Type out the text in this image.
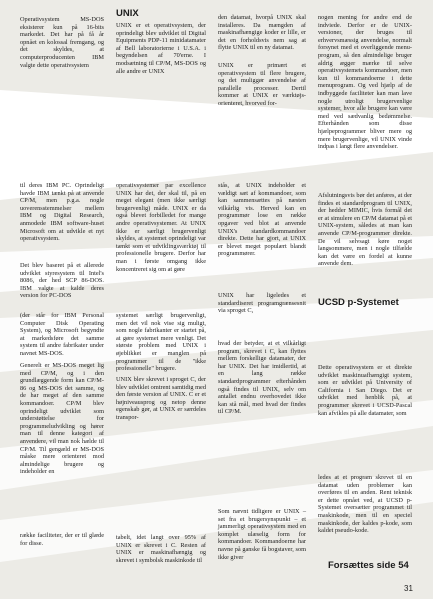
Operativsystem MS-DOS eksisterer kun på 16-bits markedet. Det har på få år opnået en kolossal fremgang, og det skyldes, at computerproducenten IBM valgte dette operativsystem

til deres IBM PC. Oprindeligt havde IBM tænkt på at anvende CP/M, men p.g.a. nogle uoverensstemmelser mellem IBM og Digital Research, anmodede IBM software-huset Microsoft om at udvikle et nyt operativsystem.

Det blev baseret på et allerede udviklet styresystem til Intel's 8086, der hed SCP 86-DOS. IBM valgte at kalde deres version for PC-DOS

(der står for IBM Personal Computer Disk Operating System), og Microsoft begyndte at markedsføre det samme system til andre fabrikater under navnet MS-DOS.

Generelt er MS-DOS meget lig med CP/M, og i den grundlæggende form kan CP/M-86 og MS-DOS det samme, og de har meget af den samme kommandoer. CP/M blev oprindeligt udviklet som understøttelse for programmeludvikling og hører man til denne kategori af anvendere, vil man nok hælde til CP/M. Til gengæld er MS-DOS måske mere orienteret mod almindelige brugere og indeholder en

række faciliteter, der er til glæde for disse.

UNIX

UNIX er et operativsystem, der oprindeligt blev udviklet til Digital Equipments PDP-11 minidatamater af Bell laboratorierne i U.S.A. i begyndelsen af 70'erne. I modsætning til CP/M, MS-DOS og alle andre er UNIX

operativsystemer par excellence UNIX har det, der skal til, på en meget elegant (men ikke særligt brugervenlig) måde. UNIX er da også blevet forbilledet for mange andre operativsystemer. At UNIX ikke er særligt brugervenligt skyldes, at systemet oprindeligt var tænkt som et udviklingsværktøj til professionelle brugere. Derfor har man i første omgang ikke koncentreret sig om at gøre

systemet særligt brugervenligt, men det vil nok vise sig muligt, som nogle fabrikanter er startet på, at gøre systemet mere venligt. Det største problem med UNIX i øjeblikket er manglen på programmer til de "ikke professionelle" brugere.

UNIX blev skrevet i sproget C, der blev udviklet omtrent samtidig med den første version af UNIX. C er et højniveausprog og netop denne egenskab gør, at UNIX er særdeles transpor-

tabelt, idet langt over 95% af UNIX er skrevet i C. Resten af UNIX er maskinafhængig og skrevet i symbolsk maskinkode til

den datamat, hvorpå UNIX skal installeres. Da mængden af maskinafhængige koder er lille, er det en forholdsvis nem sag at flytte UNIX til en ny datamat.

UNIX er primært et operativsystem til flere brugere, og det muliggør anvendelse af parallelle processer. Dertil kommer at UNIX er værktøjs-orienteret, hvorved for-

stås, at UNIX indeholder et vældigt sæt af kommandoer, som kan sammensættes på næsten vilkårlig vis. Herved kan en programmør lose en række opgaver ved blot at anvende UNIX's standardkommandoer direkte. Dette har gjort, at UNIX er blevet meget populært blandt programmører.

UNIX har ligeledes et standardiseret programgrænsesnit via sproget C,

hvad der betyder, at et vilkårligt program, skrevet i C, kan flyttes mellem forskellige datamater, der har UNIX. Det har imidlertid, at en lang række standardprogrammer efterhånden også findes til UNIX, selv om antallet endnu overhovedet ikke kan stå mål, med hvad der findes til CP/M.

Som nævnt tidligere er UNIX – set fra et brugersynspunkt – et jammerligt operativsystem med en komplet ulæselig form for kommandoer. Kommandoerne har navne på ganske få bogstaver, som ikke giver

nogen mening for andre end de indviede. Derfor er de UNIX-versioner, der bruges til erhvervsmæssig anvendelse, normalt forsynet med et overliggende menu-program, så den almindelige bruger aldrig ægger mærke til selve operativsystemets kommandoer, men kun til kommandoerne i dette menuprogram. Og ved hjælp af de indbyggede faciliteter kan man lave nogle utroligt brugervenlige systemer, hvor alle brugere kan være med ved sædvanlig bedømmelse. Efterhånden som disse hjælpeprogrammer bliver mere og mere brugervenlige, vil UNIX vinde indpas i langt flere anvendelser.

Afslutningsvis bør det anføres, at der findes et standardprogram til UNIX, der hedder MIMIC, hvis formål det er at simulere en CP/M datamat på et UNIX-system, således at man kan anvende CP/M-programmer direkte. De vil selvsagt køre noget langsommere, men i nogle tilfælde kan det være en fordel at kunne anvende dem.

UCSD p-Systemet

Dette operativsystem er et direkte udviklet maskinuafhængigt system, som er udviklet på University of California i San Diego. Det er udviklet med henblik på, at programmer skrevet i UCSD-Pascal kan afvikles på alle datamater, som

ledes at et program skrevet til en datamat uden problemer kan overføres til en anden. Rent teknisk er dette opnået ved, at UCSD p-Systemet oversætter programmet til maskinkode, men til en speciel maskinkode, der kaldes p-kode, som kaldet pseudo-kode.

Forsættes side 54
31
